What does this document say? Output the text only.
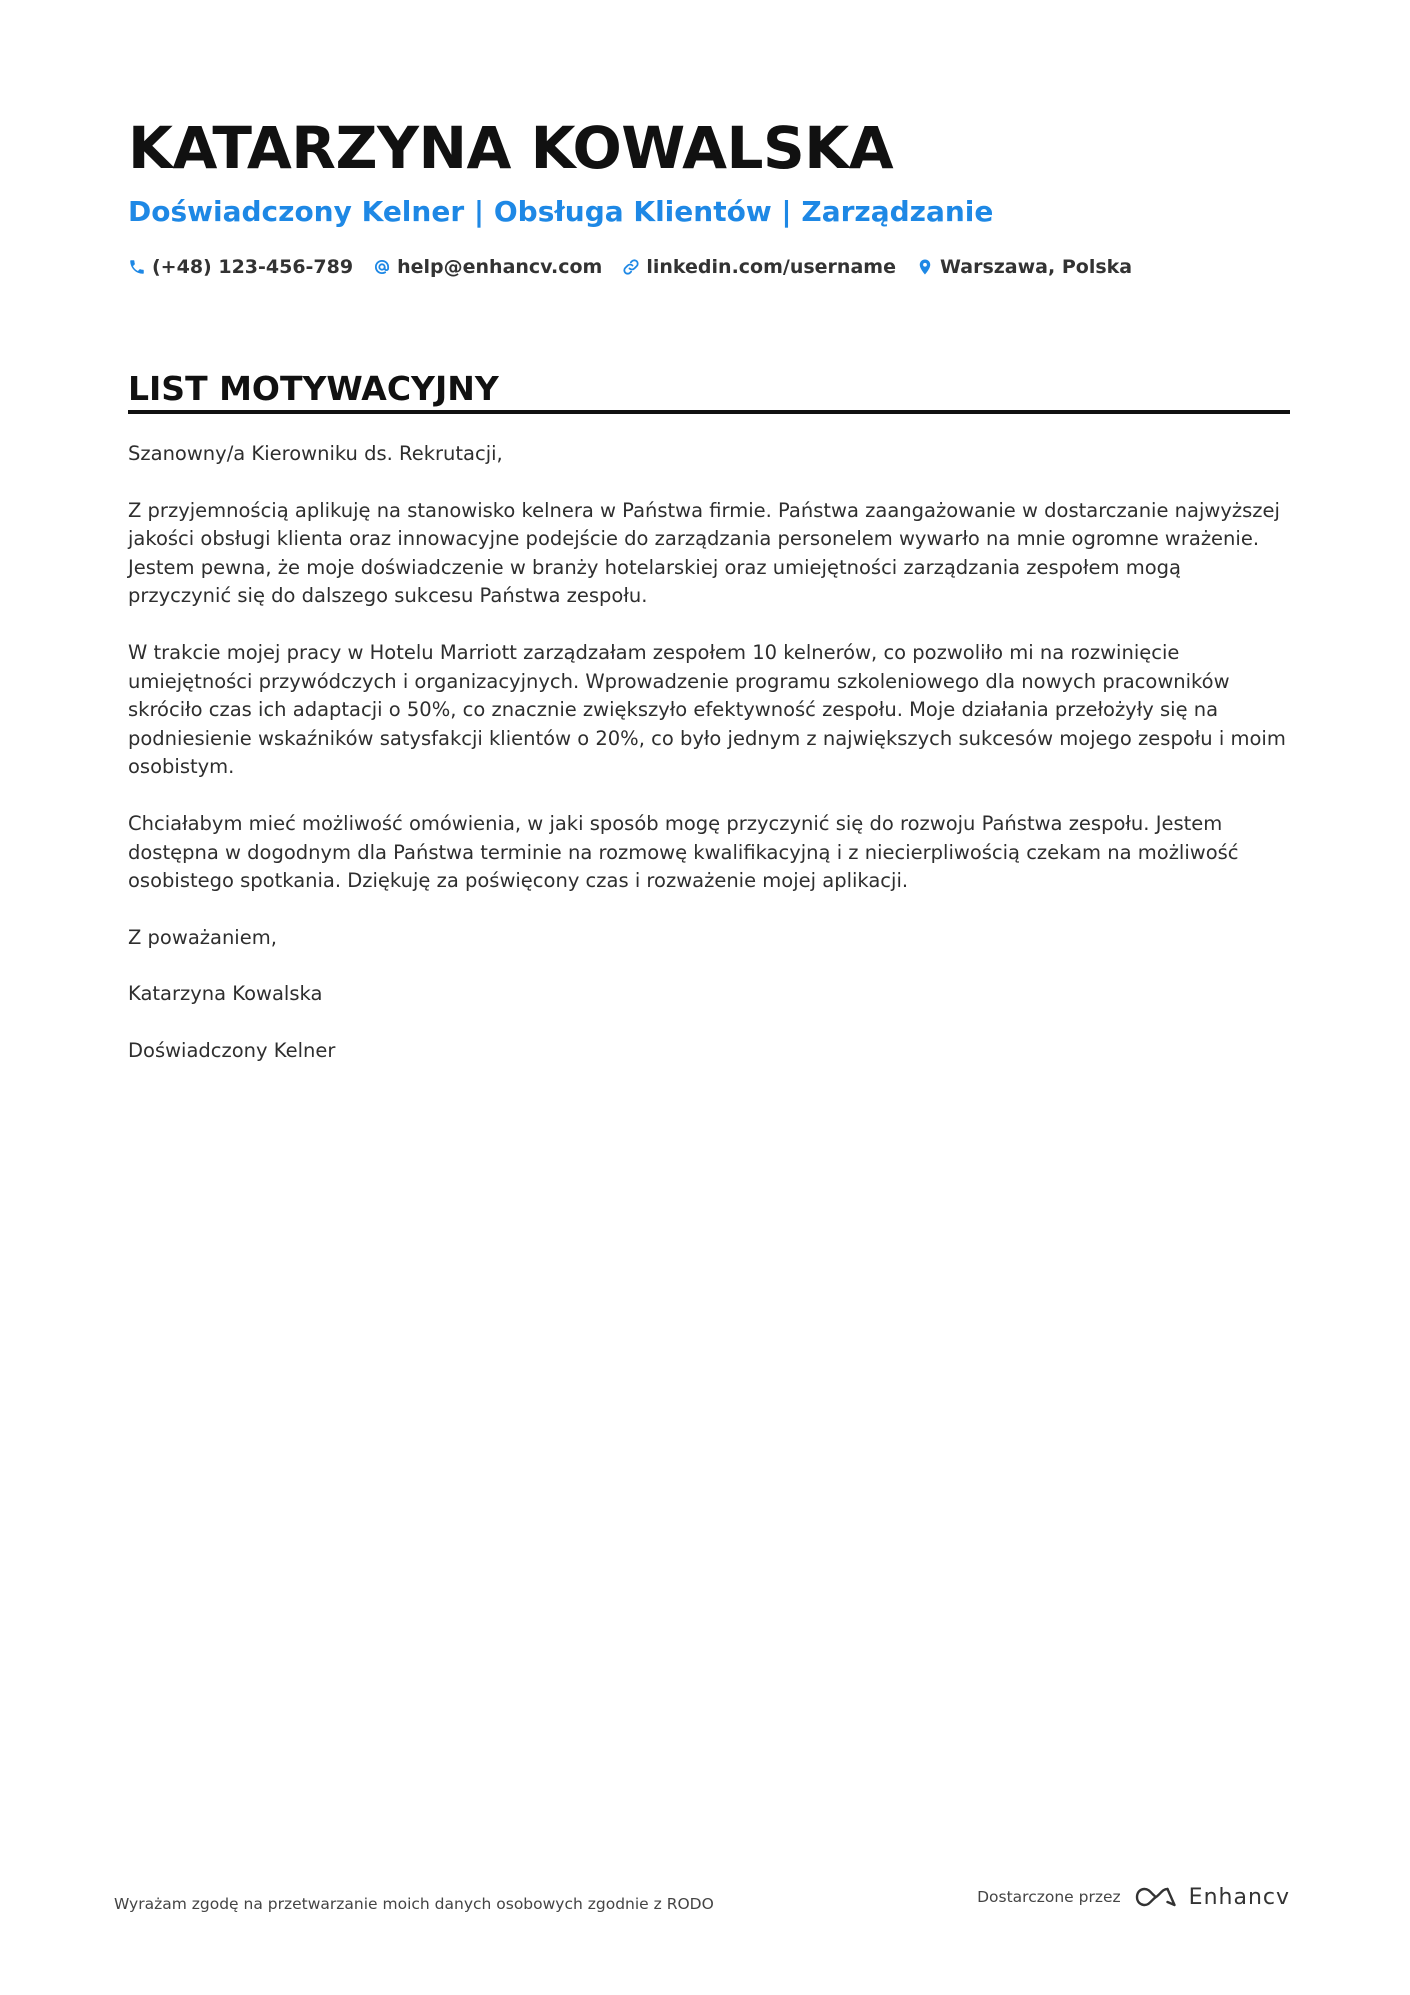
KATARZYNA KOWALSKA
Doświadczony Kelner | Obsługa Klientów | Zarządzanie
(+48) 123-456-789 help@enhancv.com linkedin.com/username Warszawa, Polska
LIST MOTYWACYJNY

Szanowny/a Kierowniku ds. Rekrutacji,

Z przyjemnością aplikuję na stanowisko kelnera w Państwa firmie. Państwa zaangażowanie w dostarczanie najwyższej jakości obsługi klienta oraz innowacyjne podejście do zarządzania personelem wywarło na mnie ogromne wrażenie. Jestem pewna, że moje doświadczenie w branży hotelarskiej oraz umiejętności zarządzania zespołem mogą przyczynić się do dalszego sukcesu Państwa zespołu.

W trakcie mojej pracy w Hotelu Marriott zarządzałam zespołem 10 kelnerów, co pozwoliło mi na rozwinięcie umiejętności przywódczych i organizacyjnych. Wprowadzenie programu szkoleniowego dla nowych pracowników skróciło czas ich adaptacji o 50%, co znacznie zwiększyło efektywność zespołu. Moje działania przełożyły się na podniesienie wskaźników satysfakcji klientów o 20%, co było jednym z największych sukcesów mojego zespołu i moim osobistym.

Chciałabym mieć możliwość omówienia, w jaki sposób mogę przyczynić się do rozwoju Państwa zespołu. Jestem dostępna w dogodnym dla Państwa terminie na rozmowę kwalifikacyjną i z niecierpliwością czekam na możliwość osobistego spotkania. Dziękuję za poświęcony czas i rozważenie mojej aplikacji.

Z poważaniem,

Katarzyna Kowalska

Doświadczony Kelner

Wyrażam zgodę na przetwarzanie moich danych osobowych zgodnie z RODO	Dostarczone przez	Enhancv
